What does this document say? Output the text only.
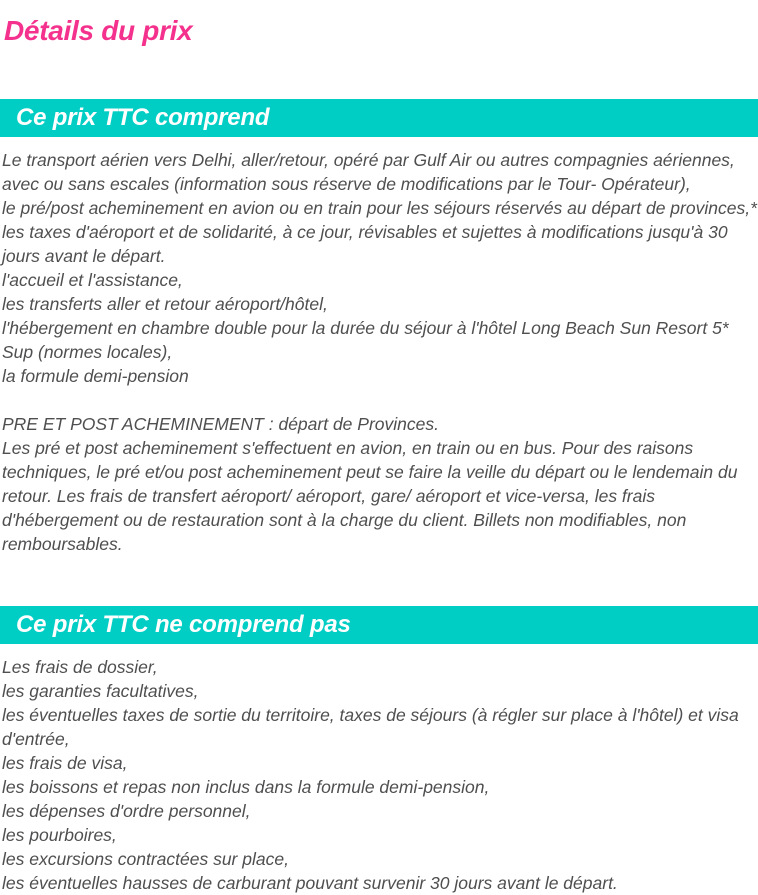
Détails du prix
Ce prix TTC comprend

Le transport aérien vers Delhi, aller/retour, opéré par Gulf Air ou autres compagnies aériennes, avec ou sans escales (information sous réserve de modifications par le Tour- Opérateur),

le pré/post acheminement en avion ou en train pour les séjours réservés au départ de provinces,*

les taxes d'aéroport et de solidarité, à ce jour, révisables et sujettes à modifications jusqu'à 30 jours avant le départ.

l'accueil et l'assistance,

les transferts aller et retour aéroport/hôtel,

l'hébergement en chambre double pour la durée du séjour à l'hôtel Long Beach Sun Resort 5* Sup (normes locales),

la formule demi-pension

PRE ET POST ACHEMINEMENT : départ de Provinces.

Les pré et post acheminement s'effectuent en avion, en train ou en bus. Pour des raisons techniques, le pré et/ou post acheminement peut se faire la veille du départ ou le lendemain du retour. Les frais de transfert aéroport/ aéroport, gare/ aéroport et vice-versa, les frais d'hébergement ou de restauration sont à la charge du client. Billets non modifiables, non remboursables.

Ce prix TTC ne comprend pas

Les frais de dossier,

les garanties facultatives,

les éventuelles taxes de sortie du territoire, taxes de séjours (à régler sur place à l'hôtel) et visa d'entrée,

les frais de visa,

les boissons et repas non inclus dans la formule demi-pension,

les dépenses d'ordre personnel,

les pourboires,

les excursions contractées sur place,

les éventuelles hausses de carburant pouvant survenir 30 jours avant le départ.
